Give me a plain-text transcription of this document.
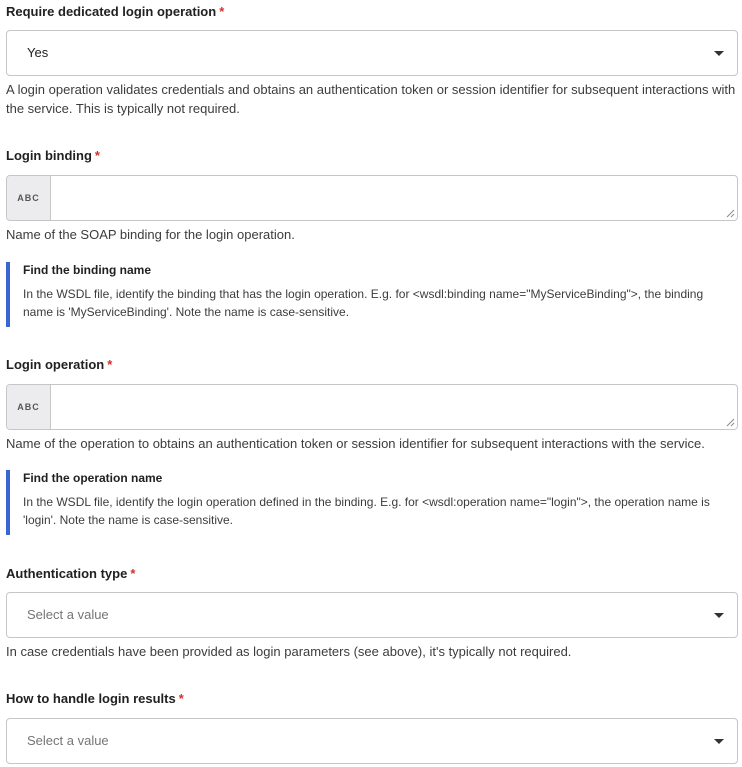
Require dedicated login operation *
Yes
A login operation validates credentials and obtains an authentication token or session identifier for subsequent interactions with the service. This is typically not required.
Login binding *
ABC
Name of the SOAP binding for the login operation.
Find the binding name
In the WSDL file, identify the binding that has the login operation. E.g. for <wsdl:binding name="MyServiceBinding">, the binding name is 'MyServiceBinding'. Note the name is case-sensitive.
Login operation *
ABC
Name of the operation to obtains an authentication token or session identifier for subsequent interactions with the service.
Find the operation name
In the WSDL file, identify the login operation defined in the binding. E.g. for <wsdl:operation name="login">, the operation name is 'login'. Note the name is case-sensitive.
Authentication type *
Select a value
In case credentials have been provided as login parameters (see above), it's typically not required.
How to handle login results *
Select a value
